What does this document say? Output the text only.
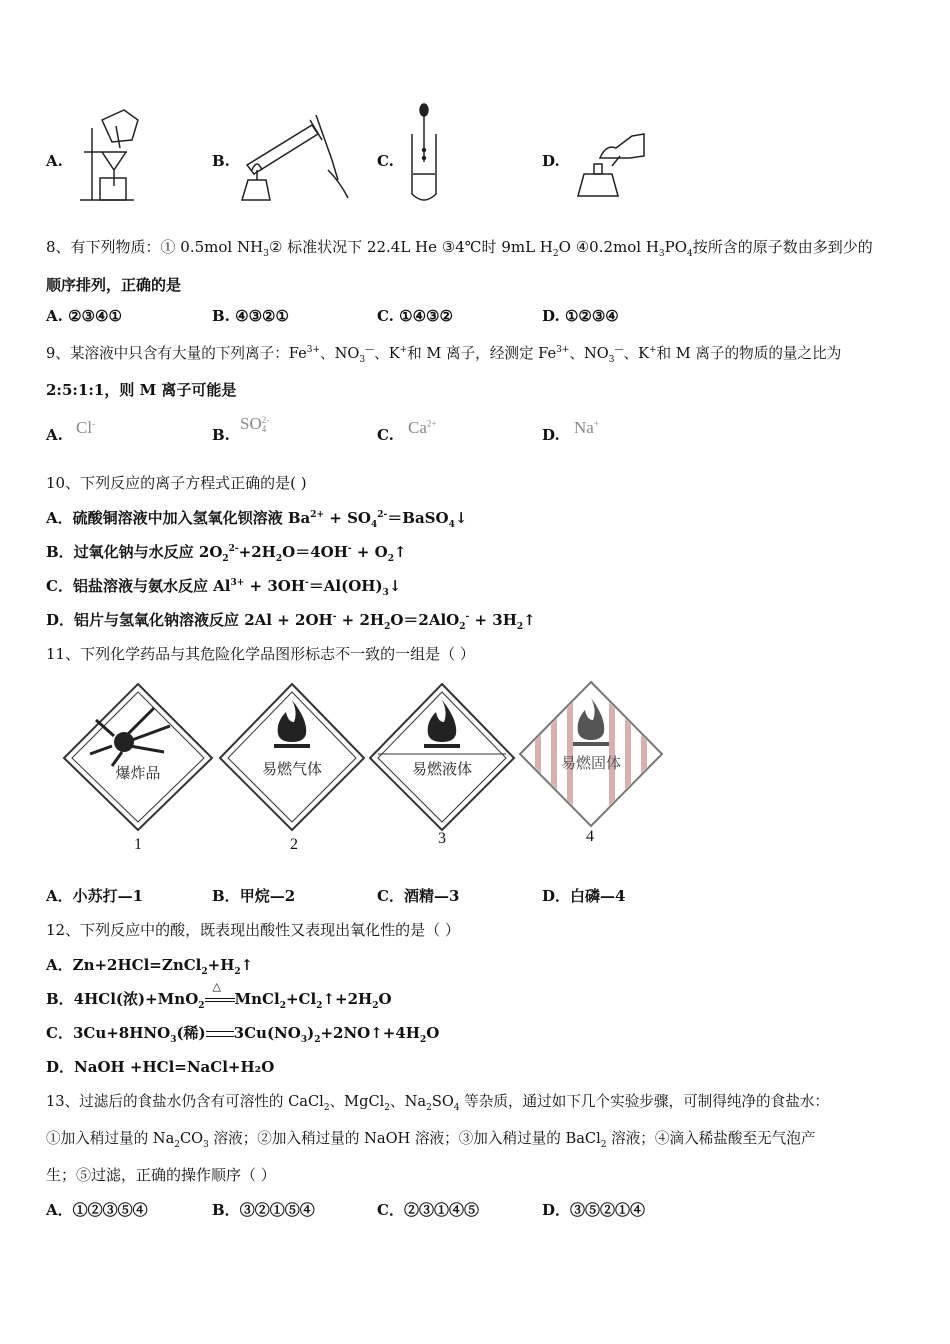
A.	B.	C.	D.
8、有下列物质：① 0.5mol $NH_3②$ 标准状况下 22.4L He ③4℃时 9mL $H_2O$ ④0.2mol $H_3PO_4$按所含的原子数由多到少的
顺序排列，正确的是
A. ②③④①	B. ④③②①	C. ①④③②	D. ①②③④
9、某溶液中只含有大量的下列离子：$Fe^{3+}$、$NO_3^—$、K+和 M 离子，经测定 $Fe^{3+}$、$NO_3^—$、K+和 M 离子的物质的量之比为
2:5:1:1，则 M 离子可能是
A. Cl-
B.
SO2-
4	C. $Ca^{2+}$
D. Na+
10、下列反应的离子方程式正确的是( )
A．硫酸铜溶液中加入氢氧化钡溶液 $Ba^{2+}$ + $SO_4^{2-}=BaSO_4↓$
B．过氧化钠与水反应 $2O_2^{2-}+2H_2O=4OH^-$ + $O_2↑$
C．铝盐溶液与氨水反应 $Al^{3+}$ + $3OH^-=Al(OH)_3↓$
D．铝片与氢氧化钠溶液反应 $2Al + 2OH^- + 2H_2O=2AlO_2^-$ + $3H_2↑$
11、下列化学药品与其危险化学品图形标志不一致的一组是（ ）
爆炸品
1
易燃气体
2
易燃液体
3
易燃固体
4
A．小苏打—1	B．甲烷—2	C．酒精—3	D．白磷—4
12、下列反应中的酸，既表现出酸性又表现出氧化性的是（ ）
A．$Zn+2HCl=ZnCl_2+H_2↑$
B．4HCl(浓)+MnO$_2$
△
$MnCl_2+Cl_2↑+2H_2O$
C．$3Cu+8HNO_3$(稀) $3Cu(NO_3)_2+2NO↑+4H_2O$
D．NaOH +HCl=NaCl+H₂O
13、过滤后的食盐水仍含有可溶性的 CaCl$_2$、MgCl$_2$、$Na_2SO_4$ 等杂质，通过如下几个实验步骤，可制得纯净的食盐水：
①加入稍过量的 $Na_2CO_3$ 溶液；②加入稍过量的 NaOH 溶液；③加入稍过量的 BaCl$_2$ 溶液；④滴入稀盐酸至无气泡产
生；⑤过滤，正确的操作顺序（ ）
A．①②③⑤④	B．③②①⑤④	C．②③①④⑤	D．③⑤②①④
